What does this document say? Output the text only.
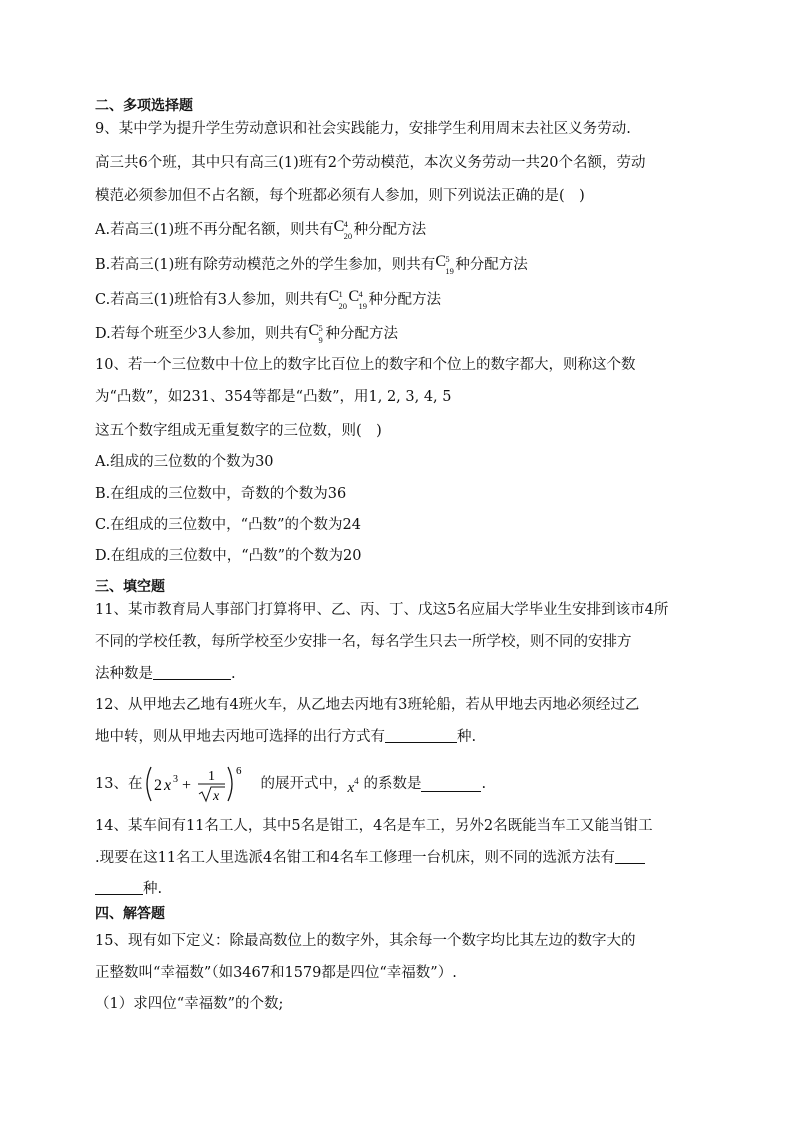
二、多项选择题
9、某中学为提升学生劳动意识和社会实践能力，安排学生利用周末去社区义务劳动.
高三共6个班，其中只有高三(1)班有2个劳动模范，本次义务劳动一共20个名额，劳动
模范必须参加但不占名额，每个班都必须有人参加，则下列说法正确的是(　)
A.若高三(1)班不再分配名额，则共有 C 4
20 种分配方法
B.若高三(1)班有除劳动模范之外的学生参加，则共有 C 5
19 种分配方法
C.若高三(1)班恰有3人参加，则共有 C 1
20
C 4
19 种分配方法
D.若每个班至少3人参加，则共有 C 5
9 种分配方法
10、若一个三位数中十位上的数字比百位上的数字和个位上的数字都大，则称这个数
为“凸数”，如231、354等都是“凸数”，用1, 2, 3, 4, 5
这五个数字组成无重复数字的三位数，则(　)
A.组成的三位数的个数为30
B.在组成的三位数中，奇数的个数为36
C.在组成的三位数中，“凸数”的个数为24
D.在组成的三位数中，“凸数”的个数为20
三、填空题
11、某市教育局人事部门打算将甲、乙、丙、丁、戊这5名应届大学毕业生安排到该市4所
不同的学校任教，每所学校至少安排一名，每名学生只去一所学校，则不同的安排方
法种数是	.
12、从甲地去乙地有4班火车，从乙地去丙地有3班轮船，若从甲地去丙地必须经过乙
地中转，则从甲地去丙地可选择的出行方式有	种.
13、在 2 x 3 +
1
x
6
的展开式中，$x^4$ 的系数是	.
14、某车间有11名工人，其中5名是钳工，4名是车工，另外2名既能当车工又能当钳工
.现要在这11名工人里选派4名钳工和4名车工修理一台机床，则不同的选派方法有
种.
四、解答题
15、现有如下定义：除最高数位上的数字外，其余每一个数字均比其左边的数字大的
正整数叫“幸福数”（如3467和1579都是四位“幸福数”）.
（1）求四位“幸福数”的个数;
